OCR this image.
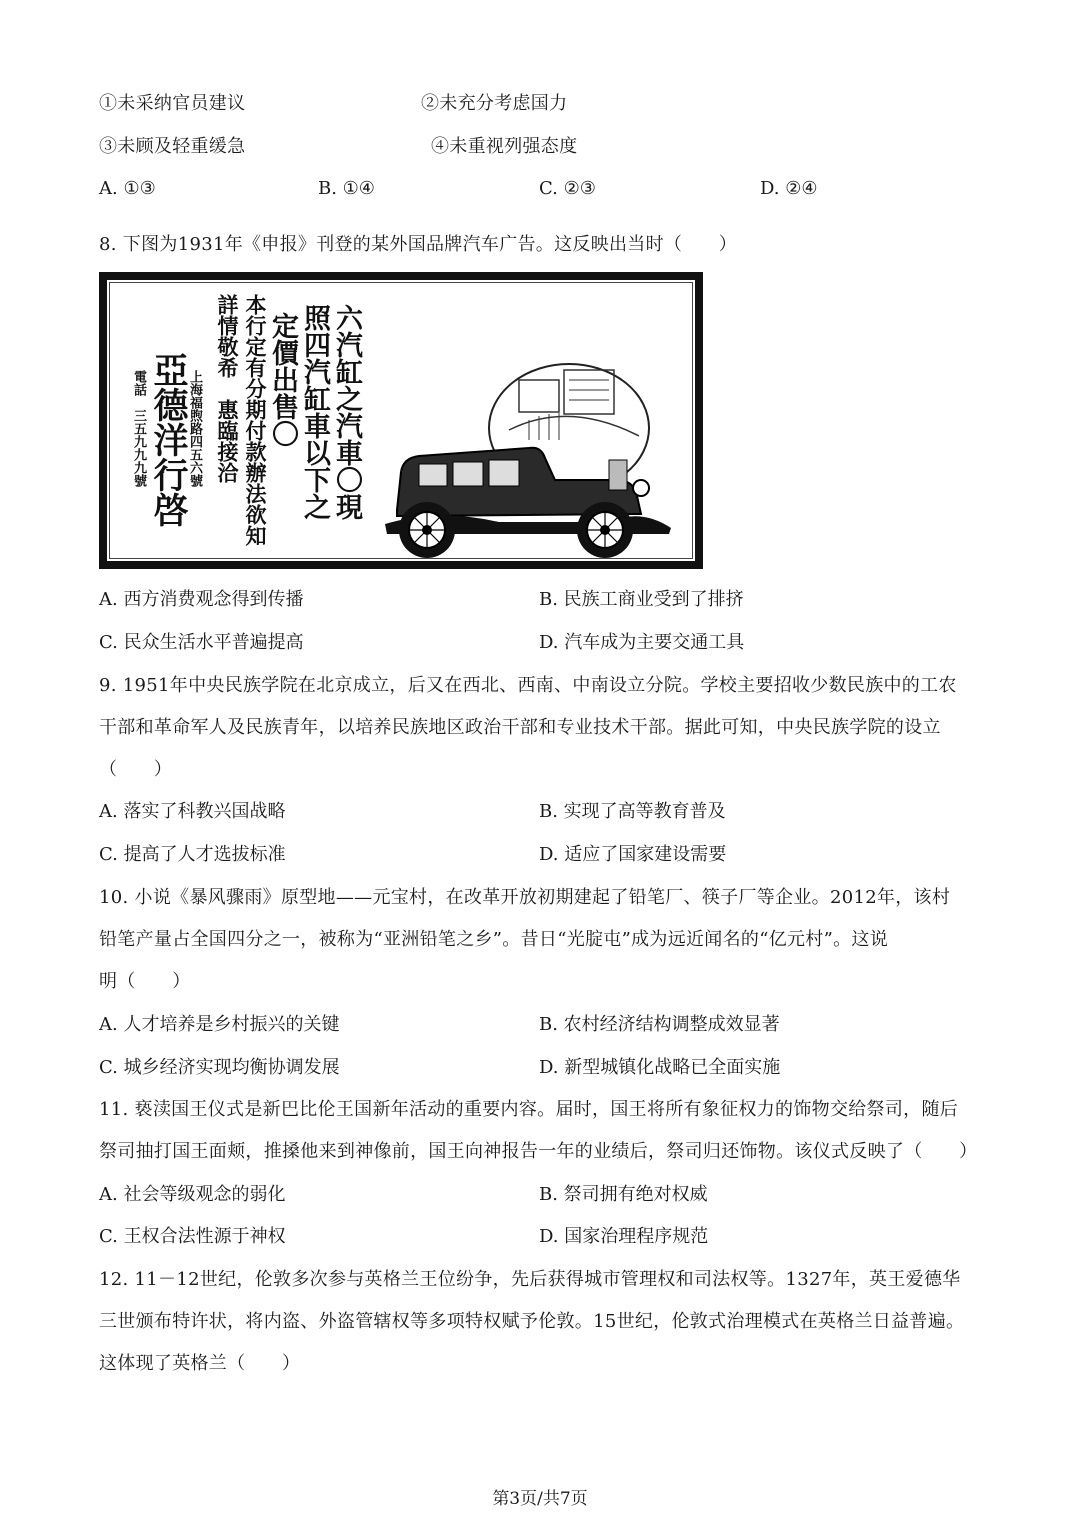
①未采纳官员建议	②未充分考虑国力
③未顾及轻重缓急	④未重视列强态度
A. ①③	B. ①④	C. ②③	D. ②④
8. 下图为1931年《申报》刊登的某外国品牌汽车广告。这反映出当时（　　）
六汽缸之汽車〇現
照四汽缸車以下之
定價出售〇
本行定有分期付款辦法欲知
詳情敬希　惠臨接洽
上海福煦路四五六號
亞德洋行啓
電話　三五九九九號
A. 西方消费观念得到传播	B. 民族工商业受到了排挤
C. 民众生活水平普遍提高	D. 汽车成为主要交通工具
9. 1951年中央民族学院在北京成立，后又在西北、西南、中南设立分院。学校主要招收少数民族中的工农
干部和革命军人及民族青年，以培养民族地区政治干部和专业技术干部。据此可知，中央民族学院的设立
（　　）
A. 落实了科教兴国战略	B. 实现了高等教育普及
C. 提高了人才选拔标准	D. 适应了国家建设需要
10. 小说《暴风骤雨》原型地——元宝村，在改革开放初期建起了铅笔厂、筷子厂等企业。2012年，该村
铅笔产量占全国四分之一，被称为“亚洲铅笔之乡”。昔日“光腚屯”成为远近闻名的“亿元村”。这说
明（　　）
A. 人才培养是乡村振兴的关键	B. 农村经济结构调整成效显著
C. 城乡经济实现均衡协调发展	D. 新型城镇化战略已全面实施
11. 亵渎国王仪式是新巴比伦王国新年活动的重要内容。届时，国王将所有象征权力的饰物交给祭司，随后
祭司抽打国王面颊，推搡他来到神像前，国王向神报告一年的业绩后，祭司归还饰物。该仪式反映了（　　）
A. 社会等级观念的弱化	B. 祭司拥有绝对权威
C. 王权合法性源于神权	D. 国家治理程序规范
12. 11－12世纪，伦敦多次参与英格兰王位纷争，先后获得城市管理权和司法权等。1327年，英王爱德华
三世颁布特许状，将内盗、外盗管辖权等多项特权赋予伦敦。15世纪，伦敦式治理模式在英格兰日益普遍。
这体现了英格兰（　　）
第3页/共7页
